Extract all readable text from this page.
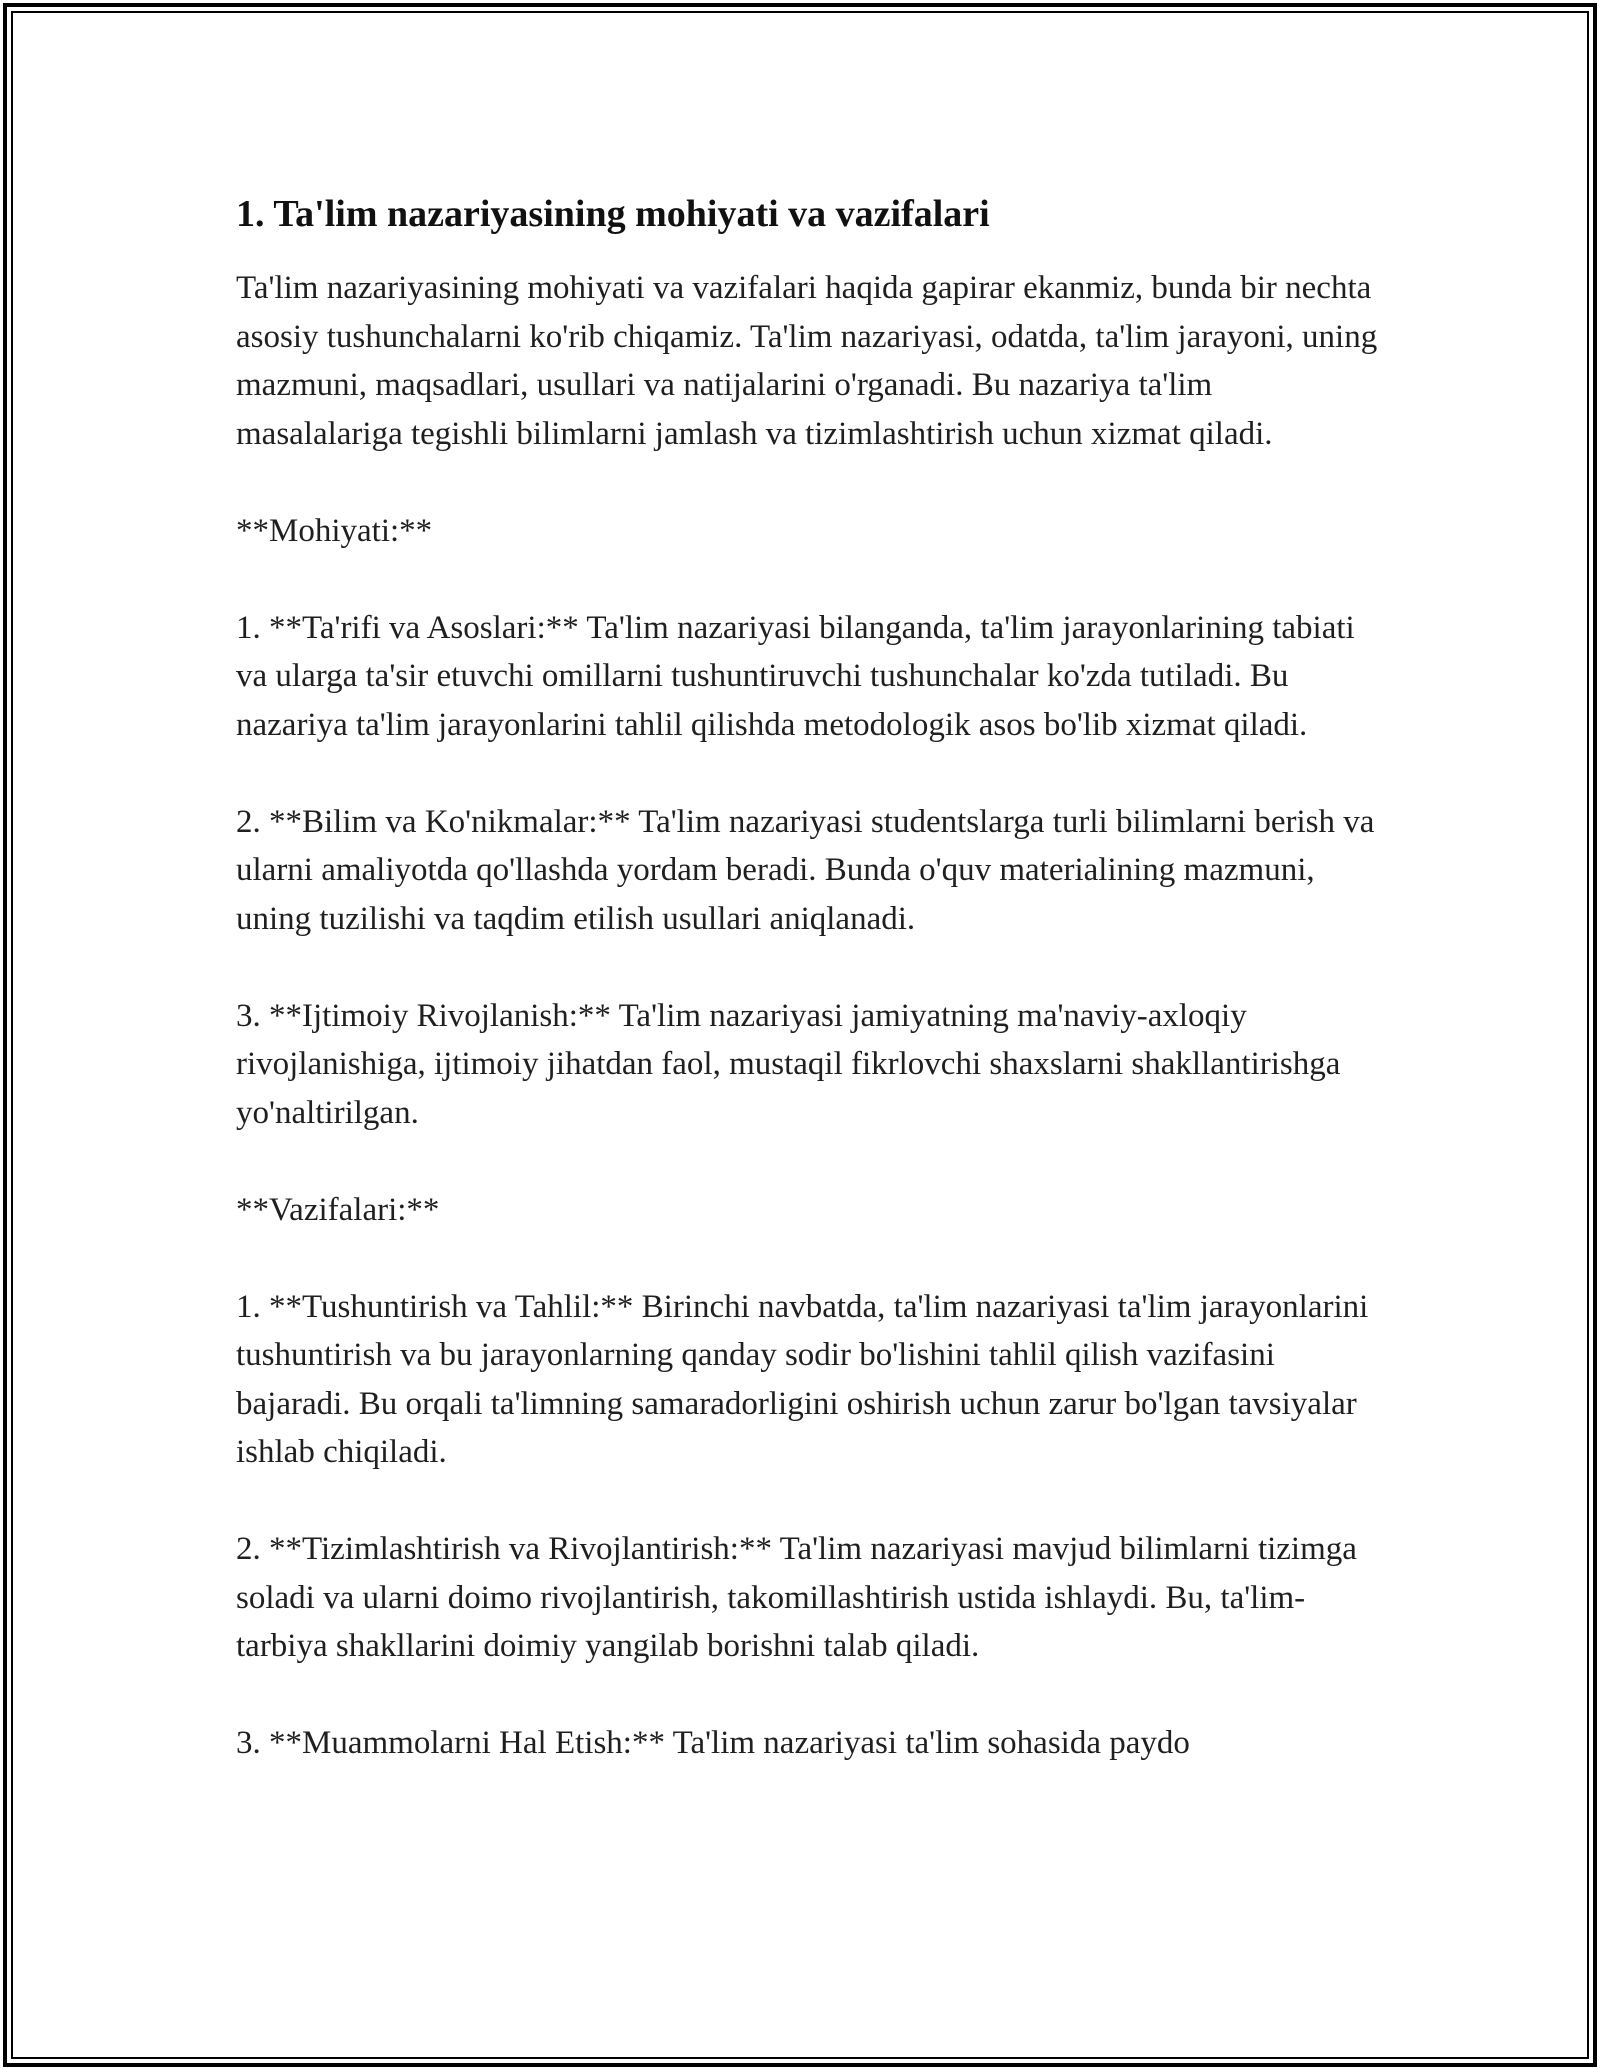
1. Ta'lim nazariyasining mohiyati va vazifalari

Ta'lim nazariyasining mohiyati va vazifalari haqida gapirar ekanmiz, bunda bir nechta asosiy tushunchalarni ko'rib chiqamiz. Ta'lim nazariyasi, odatda, ta'lim jarayoni, uning mazmuni, maqsadlari, usullari va natijalarini o'rganadi. Bu nazariya ta'lim masalalariga tegishli bilimlarni jamlash va tizimlashtirish uchun xizmat qiladi.

**Mohiyati:**

1. **Ta'rifi va Asoslari:** Ta'lim nazariyasi bilanganda, ta'lim jarayonlarining tabiati va ularga ta'sir etuvchi omillarni tushuntiruvchi tushunchalar ko'zda tutiladi. Bu nazariya ta'lim jarayonlarini tahlil qilishda metodologik asos bo'lib xizmat qiladi.

2. **Bilim va Ko'nikmalar:** Ta'lim nazariyasi studentslarga turli bilimlarni berish va ularni amaliyotda qo'llashda yordam beradi. Bunda o'quv materialining mazmuni, uning tuzilishi va taqdim etilish usullari aniqlanadi.

3. **Ijtimoiy Rivojlanish:** Ta'lim nazariyasi jamiyatning ma'naviy-axloqiy rivojlanishiga, ijtimoiy jihatdan faol, mustaqil fikrlovchi shaxslarni shakllantirishga yo'naltirilgan.

**Vazifalari:**

1. **Tushuntirish va Tahlil:** Birinchi navbatda, ta'lim nazariyasi ta'lim jarayonlarini tushuntirish va bu jarayonlarning qanday sodir bo'lishini tahlil qilish vazifasini bajaradi. Bu orqali ta'limning samaradorligini oshirish uchun zarur bo'lgan tavsiyalar ishlab chiqiladi.

2. **Tizimlashtirish va Rivojlantirish:** Ta'lim nazariyasi mavjud bilimlarni tizimga soladi va ularni doimo rivojlantirish, takomillashtirish ustida ishlaydi. Bu, ta'lim-tarbiya shakllarini doimiy yangilab borishni talab qiladi.

3. **Muammolarni Hal Etish:** Ta'lim nazariyasi ta'lim sohasida paydo
